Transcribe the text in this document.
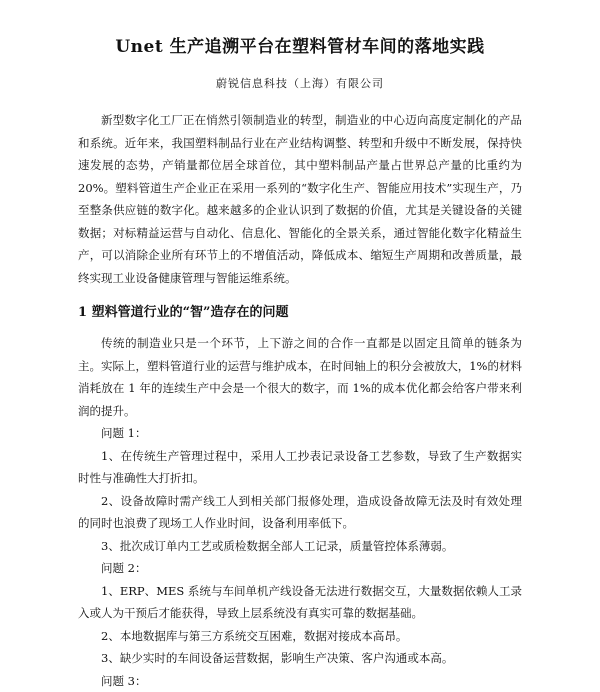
Unet 生产追溯平台在塑料管材车间的落地实践
蔚锐信息科技（上海）有限公司

新型数字化工厂正在悄然引领制造业的转型，制造业的中心迈向高度定制化的产品和系统。近年来，我国塑料制品行业在产业结构调整、转型和升级中不断发展，保持快速发展的态势，产销量都位居全球首位，其中塑料制品产量占世界总产量的比重约为20%。塑料管道生产企业正在采用一系列的“数字化生产、智能应用技术”实现生产，乃至整条供应链的数字化。越来越多的企业认识到了数据的价值，尤其是关键设备的关键数据；对标精益运营与自动化、信息化、智能化的全景关系，通过智能化数字化精益生产，可以消除企业所有环节上的不增值活动，降低成本、缩短生产周期和改善质量，最终实现工业设备健康管理与智能运维系统。

1 塑料管道行业的“智”造存在的问题

传统的制造业只是一个环节，上下游之间的合作一直都是以固定且简单的链条为主。实际上，塑料管道行业的运营与维护成本，在时间轴上的积分会被放大，1%的材料消耗放在 1 年的连续生产中会是一个很大的数字，而 1%的成本优化都会给客户带来利润的提升。

问题 1：

1、在传统生产管理过程中，采用人工抄表记录设备工艺参数，导致了生产数据实时性与准确性大打折扣。

2、设备故障时需产线工人到相关部门报修处理，造成设备故障无法及时有效处理的同时也浪费了现场工人作业时间，设备利用率低下。

3、批次成订单内工艺或质检数据全部人工记录，质量管控体系薄弱。

问题 2：

1、ERP、MES 系统与车间单机产线设备无法进行数据交互，大量数据依赖人工录入或人为干预后才能获得，导致上层系统没有真实可靠的数据基础。

2、本地数据库与第三方系统交互困难，数据对接成本高昂。

3、缺少实时的车间设备运营数据，影响生产决策、客户沟通或本高。

问题 3：
